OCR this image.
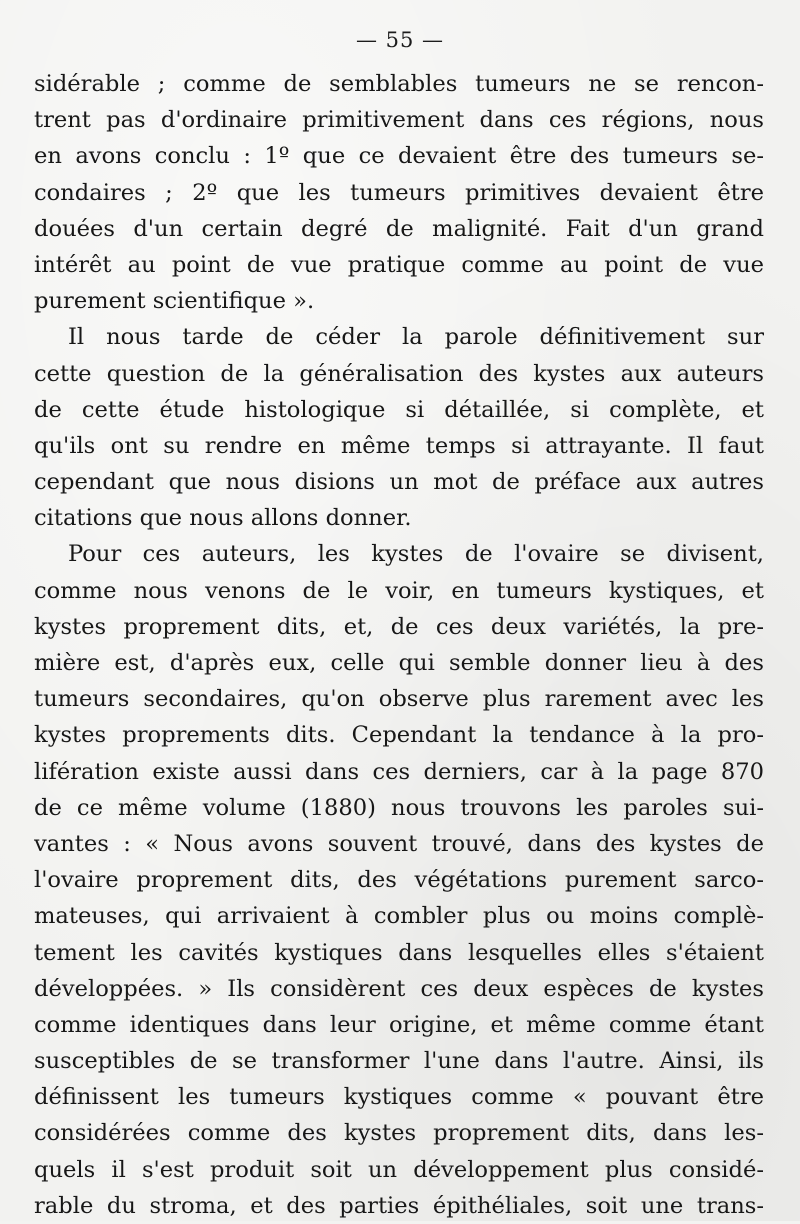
— 55 —
sidérable ; comme de semblables tumeurs ne se rencon-
trent pas d'ordinaire primitivement dans ces régions, nous
en avons conclu : 1º que ce devaient être des tumeurs se-
condaires ; 2º que les tumeurs primitives devaient être
douées d'un certain degré de malignité. Fait d'un grand
intérêt au point de vue pratique comme au point de vue
purement scientifique ».
Il nous tarde de céder la parole définitivement sur
cette question de la généralisation des kystes aux auteurs
de cette étude histologique si détaillée, si complète, et
qu'ils ont su rendre en même temps si attrayante. Il faut
cependant que nous disions un mot de préface aux autres
citations que nous allons donner.
Pour ces auteurs, les kystes de l'ovaire se divisent,
comme nous venons de le voir, en tumeurs kystiques, et
kystes proprement dits, et, de ces deux variétés, la pre-
mière est, d'après eux, celle qui semble donner lieu à des
tumeurs secondaires, qu'on observe plus rarement avec les
kystes proprements dits. Cependant la tendance à la pro-
lifération existe aussi dans ces derniers, car à la page 870
de ce même volume (1880) nous trouvons les paroles sui-
vantes : « Nous avons souvent trouvé, dans des kystes de
l'ovaire proprement dits, des végétations purement sarco-
mateuses, qui arrivaient à combler plus ou moins complè-
tement les cavités kystiques dans lesquelles elles s'étaient
développées. » Ils considèrent ces deux espèces de kystes
comme identiques dans leur origine, et même comme étant
susceptibles de se transformer l'une dans l'autre. Ainsi, ils
définissent les tumeurs kystiques comme « pouvant être
considérées comme des kystes proprement dits, dans les-
quels il s'est produit soit un développement plus considé-
rable du stroma, et des parties épithéliales, soit une trans-
